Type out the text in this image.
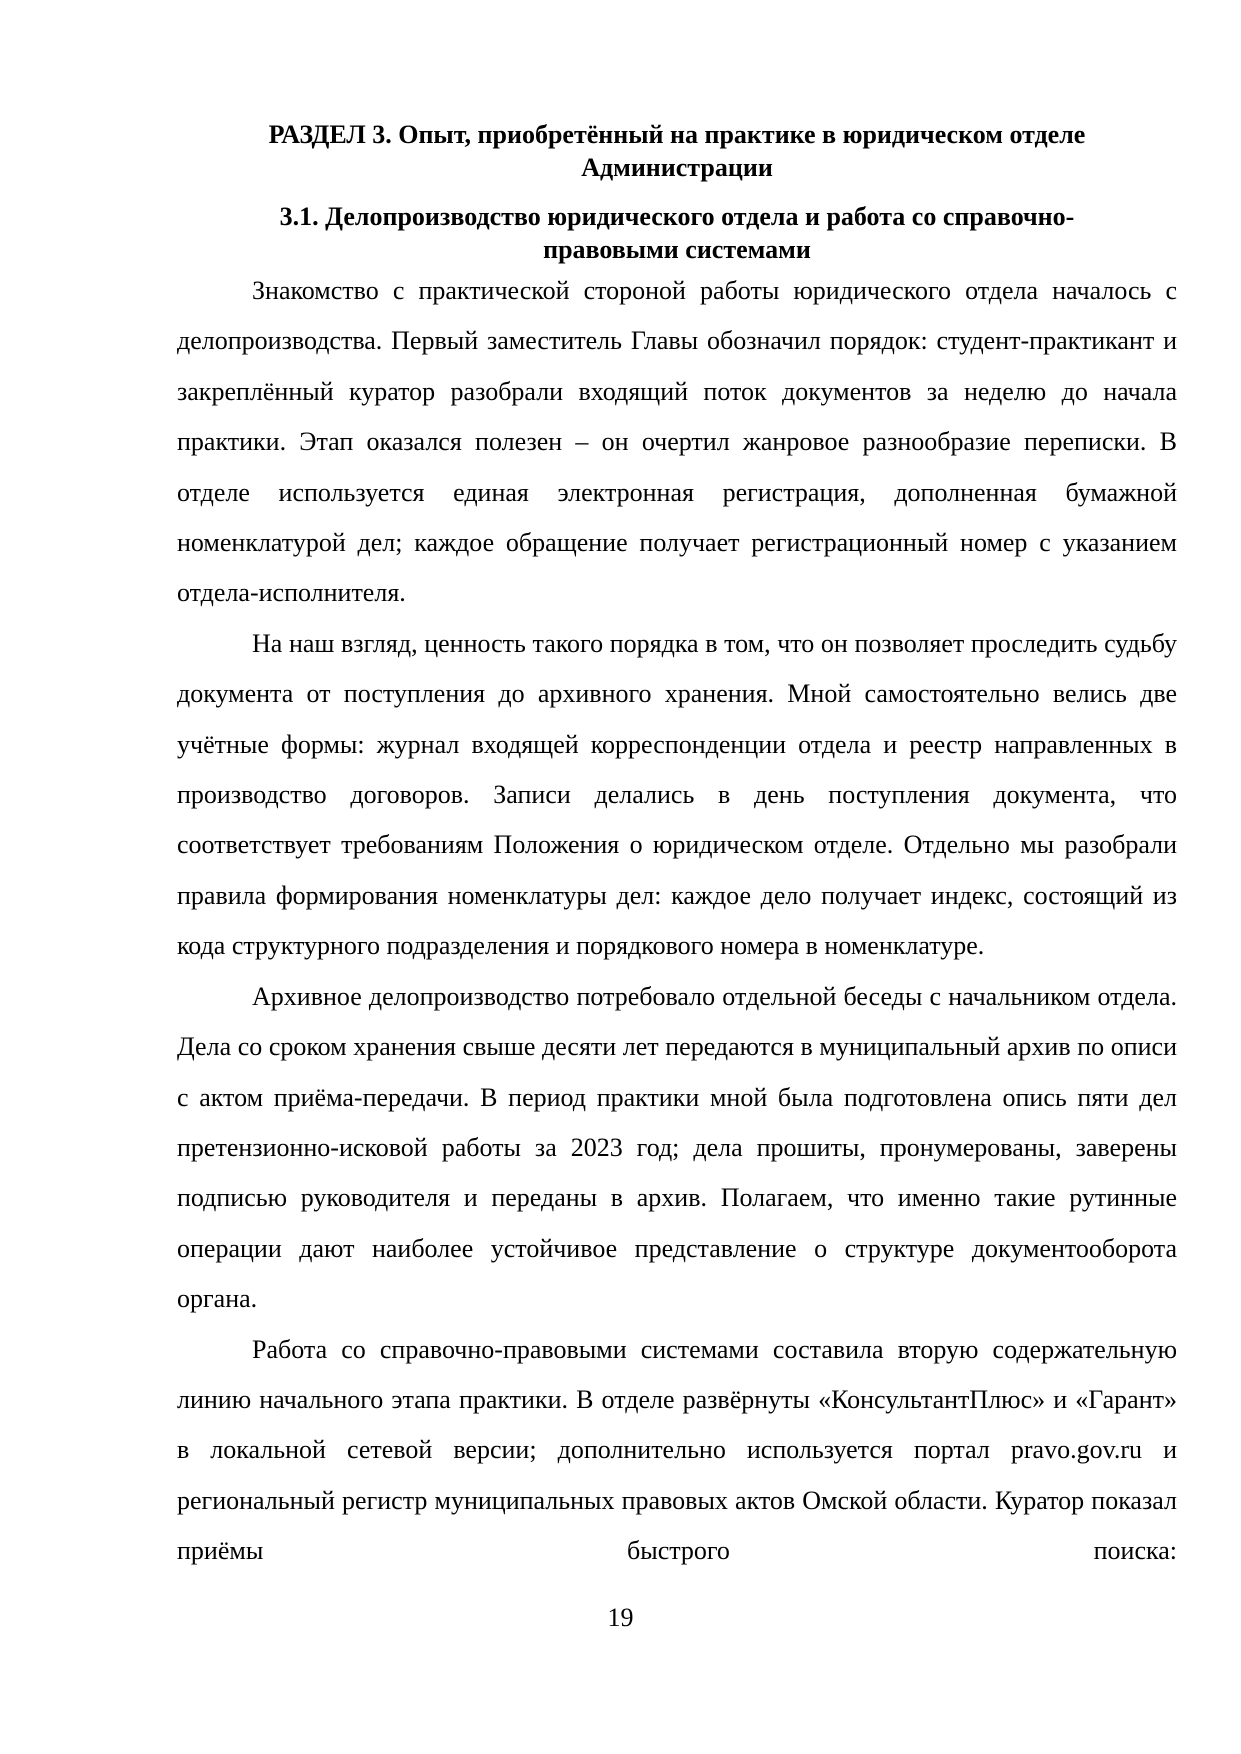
РАЗДЕЛ 3. Опыт, приобретённый на практике в юридическом отделе
Администрации
3.1. Делопроизводство юридического отдела и работа со справочно-
правовыми системами

Знакомство с практической стороной работы юридического отдела началось с делопроизводства. Первый заместитель Главы обозначил порядок: студент-практикант и закреплённый куратор разобрали входящий поток документов за неделю до начала практики. Этап оказался полезен – он очертил жанровое разнообразие переписки. В отделе используется единая электронная регистрация, дополненная бумажной номенклатурой дел; каждое обращение получает регистрационный номер с указанием отдела-исполнителя.

На наш взгляд, ценность такого порядка в том, что он позволяет проследить судьбу документа от поступления до архивного хранения. Мной самостоятельно велись две учётные формы: журнал входящей корреспонденции отдела и реестр направленных в производство договоров. Записи делались в день поступления документа, что соответствует требованиям Положения о юридическом отделе. Отдельно мы разобрали правила формирования номенклатуры дел: каждое дело получает индекс, состоящий из кода структурного подразделения и порядкового номера в номенклатуре.

Архивное делопроизводство потребовало отдельной беседы с начальником отдела. Дела со сроком хранения свыше десяти лет передаются в муниципальный архив по описи с актом приёма-передачи. В период практики мной была подготовлена опись пяти дел претензионно-исковой работы за 2023 год; дела прошиты, пронумерованы, заверены подписью руководителя и переданы в архив. Полагаем, что именно такие рутинные операции дают наиболее устойчивое представление о структуре документооборота органа.

Работа со справочно-правовыми системами составила вторую содержательную линию начального этапа практики. В отделе развёрнуты «КонсультантПлюс» и «Гарант» в локальной сетевой версии; дополнительно используется портал pravo.gov.ru и региональный регистр муниципальных правовых актов Омской области. Куратор показал приёмы быстрого поиска:

19
